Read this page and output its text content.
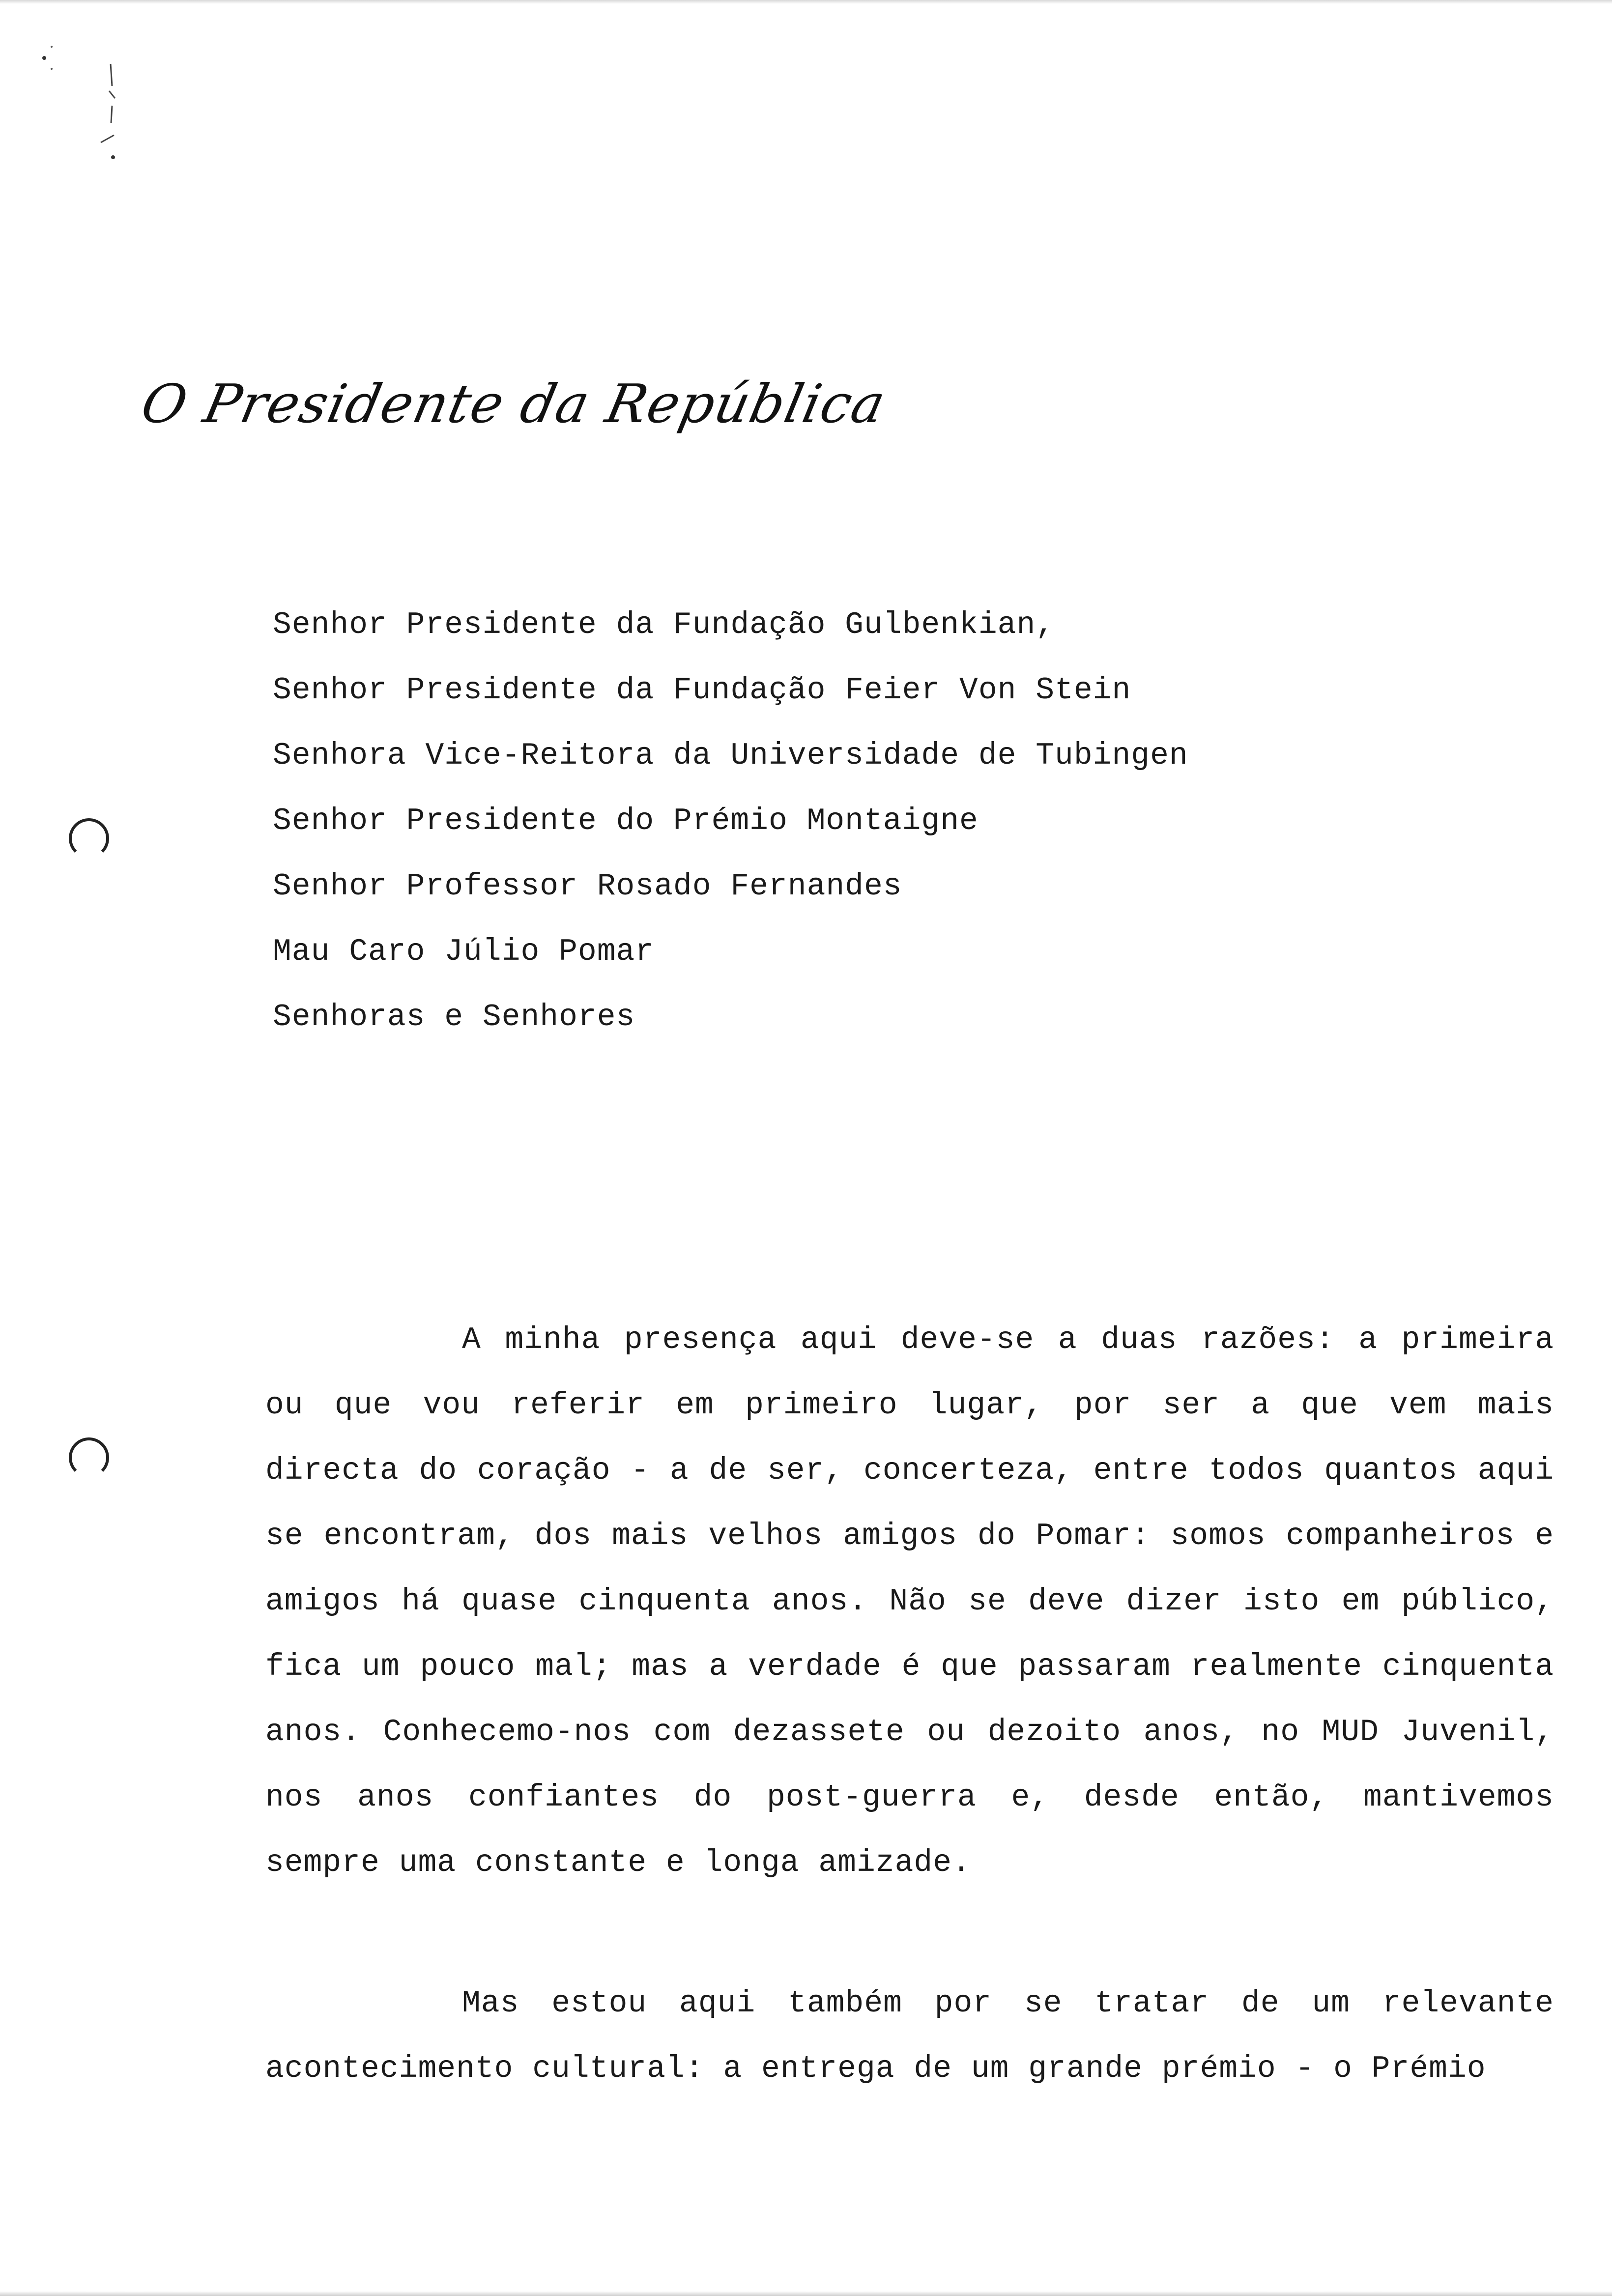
O Presidente da República
Senhor Presidente da Fundação Gulbenkian,
Senhor Presidente da Fundação Feier Von Stein
Senhora Vice-Reitora da Universidade de Tubingen
Senhor Presidente do Prémio Montaigne
Senhor Professor Rosado Fernandes
Mau Caro Júlio Pomar
Senhoras e Senhores

A minha presença aqui deve-se a duas razões: a primeira ou que vou referir em primeiro lugar, por ser a que vem mais directa do coração - a de ser, concerteza, entre todos quantos aqui se encontram, dos mais velhos amigos do Pomar: somos companheiros e amigos há quase cinquenta anos. Não se deve dizer isto em público, fica um pouco mal; mas a verdade é que passaram realmente cinquenta anos. Conhecemo-nos com dezassete ou dezoito anos, no MUD Juvenil, nos anos confiantes do post-guerra e, desde então, mantivemos sempre uma constante e longa amizade.

Mas estou aqui também por se tratar de um relevante acontecimento cultural: a entrega de um grande prémio - o Prémio
